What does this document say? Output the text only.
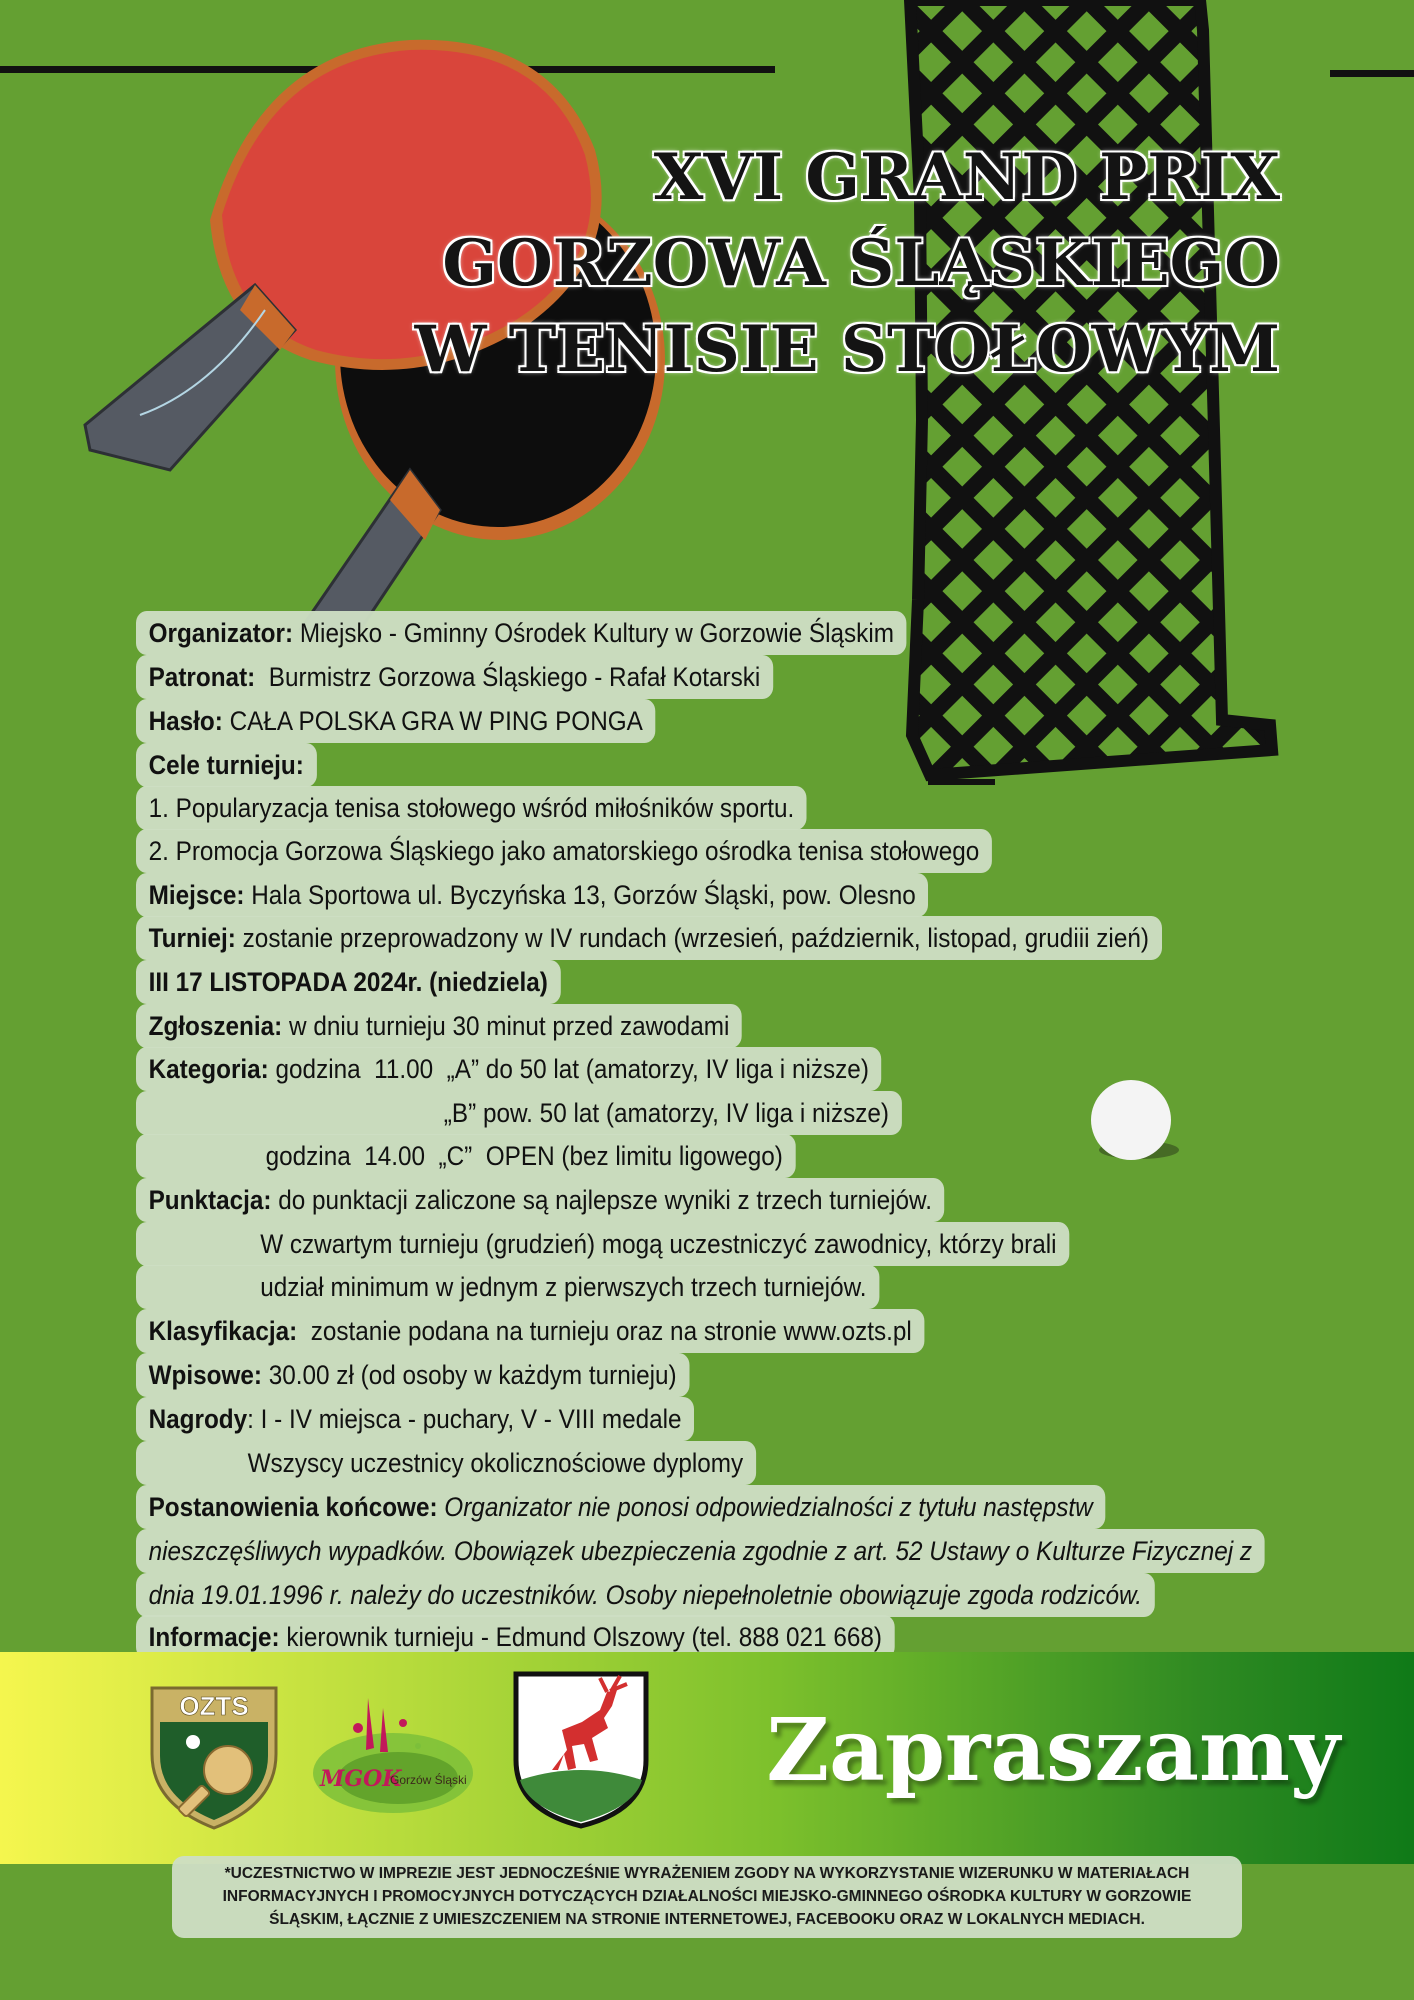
XVI GRAND PRIX
GORZOWA ŚLĄSKIEGO
W TENISIE STOŁOWYM
Organizator: Miejsko - Gminny Ośrodek Kultury w Gorzowie Śląskim
Patronat:  Burmistrz Gorzowa Śląskiego - Rafał Kotarski
Hasło: CAŁA POLSKA GRA W PING PONGA
Cele turnieju:
1. Popularyzacja tenisa stołowego wśród miłośników sportu.
2. Promocja Gorzowa Śląskiego jako amatorskiego ośrodka tenisa stołowego
Miejsce: Hala Sportowa ul. Byczyńska 13, Gorzów Śląski, pow. Olesno
Turniej: zostanie przeprowadzony w IV rundach (wrzesień, październik, listopad, grudiii zień)
III 17 LISTOPADA 2024r. (niedziela)
Zgłoszenia: w dniu turnieju 30 minut przed zawodami
Kategoria: godzina  11.00  „A” do 50 lat (amatorzy, IV liga i niższe)
„B” pow. 50 lat (amatorzy, IV liga i niższe)
godzina  14.00  „C”  OPEN (bez limitu ligowego)
Punktacja: do punktacji zaliczone są najlepsze wyniki z trzech turniejów.
W czwartym turnieju (grudzień) mogą uczestniczyć zawodnicy, którzy brali
udział minimum w jednym z pierwszych trzech turniejów.
Klasyfikacja:  zostanie podana na turnieju oraz na stronie www.ozts.pl
Wpisowe: 30.00 zł (od osoby w każdym turnieju)
Nagrody: I - IV miejsca - puchary, V - VIII medale
Wszyscy uczestnicy okolicznościowe dyplomy
Postanowienia końcowe: Organizator nie ponosi odpowiedzialności z tytułu następstw
nieszczęśliwych wypadków. Obowiązek ubezpieczenia zgodnie z art. 52 Ustawy o Kulturze Fizycznej z
dnia 19.01.1996 r. należy do uczestników. Osoby niepełnoletnie obowiązuje zgoda rodziców.
Informacje: kierownik turnieju - Edmund Olszowy (tel. 888 021 668)
OZTS
MGOK
Gorzów Śląski	Zapraszamy
*UCZESTNICTWO W IMPREZIE JEST JEDNOCZEŚNIE WYRAŻENIEM ZGODY NA WYKORZYSTANIE WIZERUNKU W MATERIAŁACH
INFORMACYJNYCH I PROMOCYJNYCH DOTYCZĄCYCH DZIAŁALNOŚCI MIEJSKO-GMINNEGO OŚRODKA KULTURY W GORZOWIE
ŚLĄSKIM, ŁĄCZNIE Z UMIESZCZENIEM NA STRONIE INTERNETOWEJ, FACEBOOKU ORAZ W LOKALNYCH MEDIACH.
